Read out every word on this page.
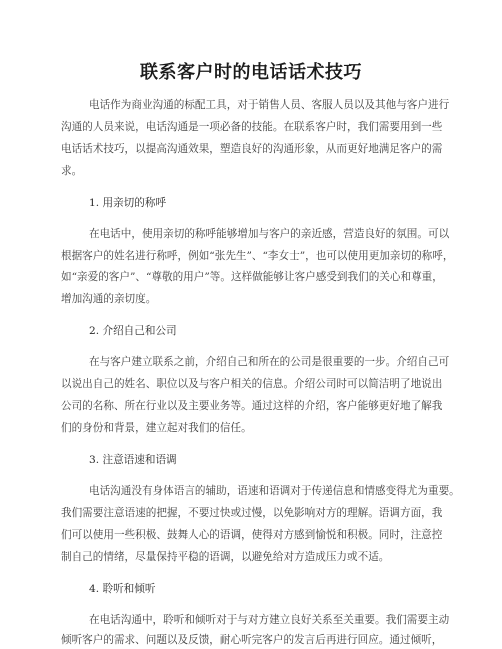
联系客户时的电话话术技巧
电话作为商业沟通的标配工具，对于销售人员、客服人员以及其他与客户进行
沟通的人员来说，电话沟通是一项必备的技能。在联系客户时，我们需要用到一些
电话话术技巧，以提高沟通效果，塑造良好的沟通形象，从而更好地满足客户的需
求。
1. 用亲切的称呼
在电话中，使用亲切的称呼能够增加与客户的亲近感，营造良好的氛围。可以
根据客户的姓名进行称呼，例如“张先生”、“李女士”，也可以使用更加亲切的称呼，
如“亲爱的客户”、“尊敬的用户”等。这样做能够让客户感受到我们的关心和尊重，
增加沟通的亲切度。
2. 介绍自己和公司
在与客户建立联系之前，介绍自己和所在的公司是很重要的一步。介绍自己可
以说出自己的姓名、职位以及与客户相关的信息。介绍公司时可以简洁明了地说出
公司的名称、所在行业以及主要业务等。通过这样的介绍，客户能够更好地了解我
们的身份和背景，建立起对我们的信任。
3. 注意语速和语调
电话沟通没有身体语言的辅助，语速和语调对于传递信息和情感变得尤为重要。
我们需要注意语速的把握，不要过快或过慢，以免影响对方的理解。语调方面，我
们可以使用一些积极、鼓舞人心的语调，使得对方感到愉悦和积极。同时，注意控
制自己的情绪，尽量保持平稳的语调，以避免给对方造成压力或不适。
4. 聆听和倾听
在电话沟通中，聆听和倾听对于与对方建立良好关系至关重要。我们需要主动
倾听客户的需求、问题以及反馈，耐心听完客户的发言后再进行回应。通过倾听，
